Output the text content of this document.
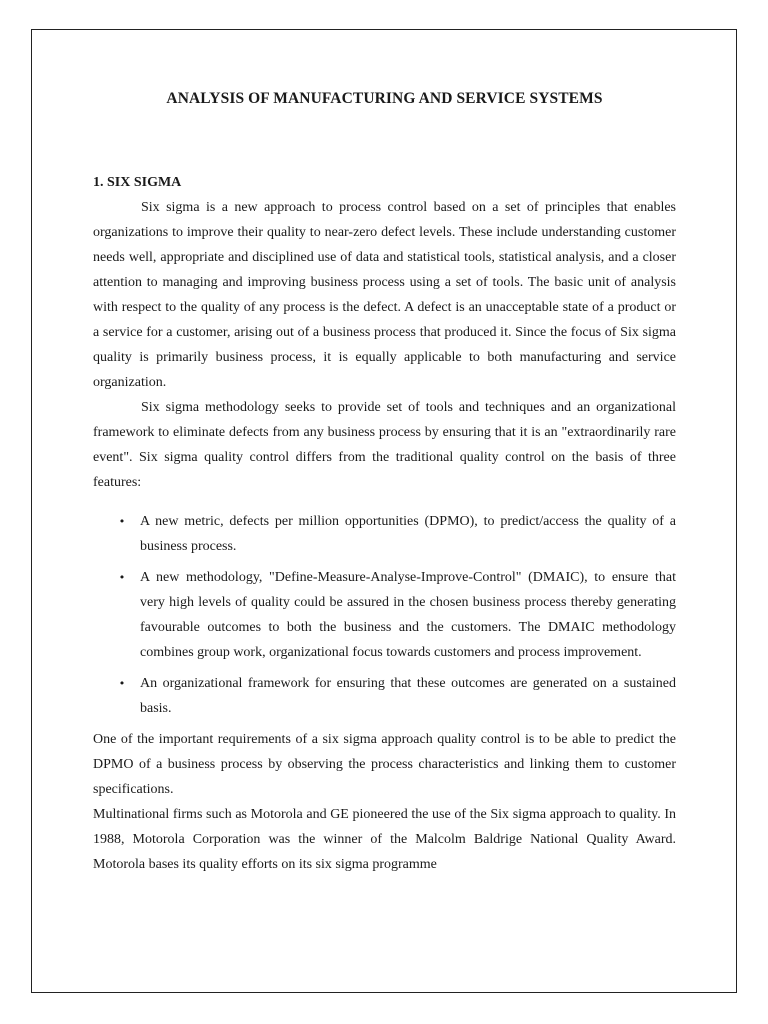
ANALYSIS OF MANUFACTURING AND SERVICE SYSTEMS
1. SIX SIGMA

Six sigma is a new approach to process control based on a set of principles that enables organizations to improve their quality to near-zero defect levels. These include understanding customer needs well, appropriate and disciplined use of data and statistical tools, statistical analysis, and a closer attention to managing and improving business process using a set of tools. The basic unit of analysis with respect to the quality of any process is the defect. A defect is an unacceptable state of a product or a service for a customer, arising out of a business process that produced it. Since the focus of Six sigma quality is primarily business process, it is equally applicable to both manufacturing and service organization.

Six sigma methodology seeks to provide set of tools and techniques and an organizational framework to eliminate defects from any business process by ensuring that it is an "extraordinarily rare event". Six sigma quality control differs from the traditional quality control on the basis of three features:

• A new metric, defects per million opportunities (DPMO), to predict/access the quality of a business process.
• A new methodology, "Define-Measure-Analyse-Improve-Control" (DMAIC), to ensure that very high levels of quality could be assured in the chosen business process thereby generating favourable outcomes to both the business and the customers. The DMAIC methodology combines group work, organizational focus towards customers and process improvement.
• An organizational framework for ensuring that these outcomes are generated on a sustained basis.

One of the important requirements of a six sigma approach quality control is to be able to predict the DPMO of a business process by observing the process characteristics and linking them to customer specifications.

Multinational firms such as Motorola and GE pioneered the use of the Six sigma approach to quality. In 1988, Motorola Corporation was the winner of the Malcolm Baldrige National Quality Award. Motorola bases its quality efforts on its six sigma programme
